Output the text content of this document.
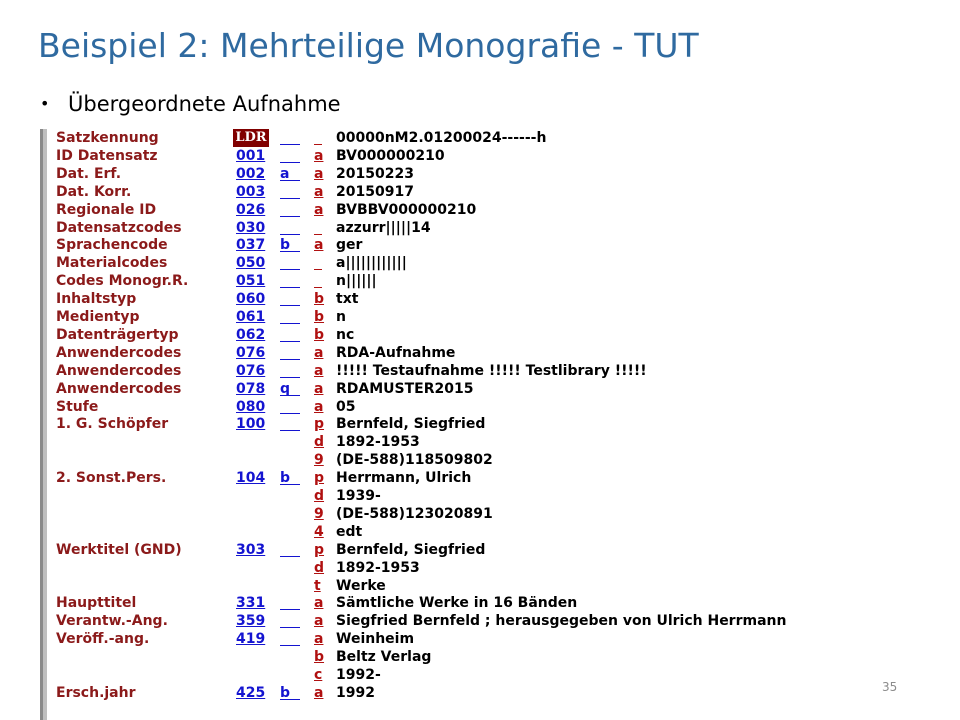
Beispiel 2: Mehrteilige Monografie - TUT
• Übergeordnete Aufnahme
Satzkennung	LDR	00000nM2.01200024------h
ID Datensatz	001	a BV000000210
Dat. Erf.	002 a	a 20150223
Dat. Korr.	003	a 20150917
Regionale ID	026	a BVBBV000000210
Datensatzcodes	030	azzurr|||||14
Sprachencode	037 b	a ger
Materialcodes	050	a||||||||||||
Codes Monogr.R.	051	n||||||
Inhaltstyp	060	b txt
Medientyp	061	b n
Datenträgertyp	062	b nc
Anwendercodes	076	a RDA-Aufnahme
Anwendercodes	076	a !!!!! Testaufnahme !!!!! Testlibrary !!!!!
Anwendercodes	078 q	a RDAMUSTER2015
Stufe	080	a 05
1. G. Schöpfer	100	p Bernfeld, Siegfried
d 1892-1953
9 (DE-588)118509802
2. Sonst.Pers.	104 b	p Herrmann, Ulrich
d 1939-
9 (DE-588)123020891
4 edt
Werktitel (GND)	303	p Bernfeld, Siegfried
d 1892-1953
t	Werke
Haupttitel	331	a Sämtliche Werke in 16 Bänden
Verantw.-Ang.	359	a Siegfried Bernfeld ; herausgegeben von Ulrich Herrmann
Veröff.-ang.	419	a Weinheim
b Beltz Verlag
c 1992-
Ersch.jahr	425 b	a 1992	35
